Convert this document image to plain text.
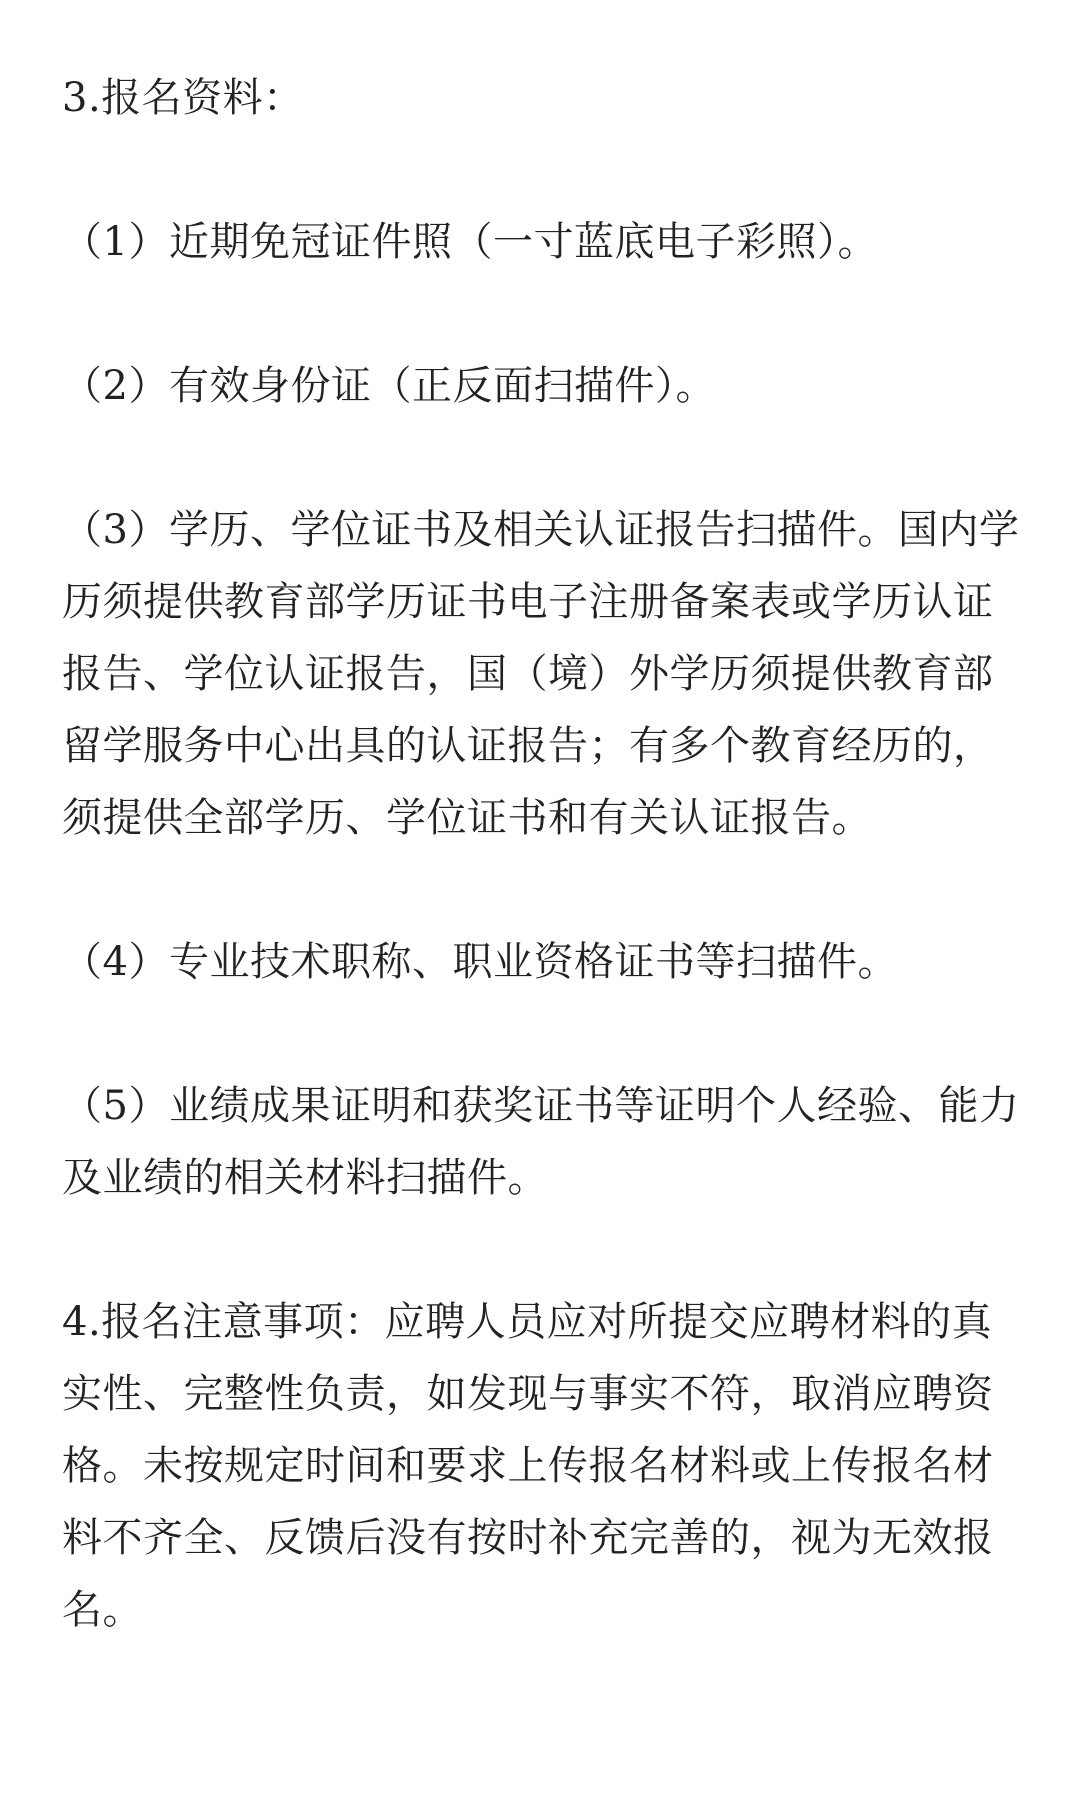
3.报名资料：

（1）近期免冠证件照（一寸蓝底电子彩照）。

（2）有效身份证（正反面扫描件）。

（3）学历、学位证书及相关认证报告扫描件。国内学历须提供教育部学历证书电子注册备案表或学历认证报告、学位认证报告，国（境）外学历须提供教育部留学服务中心出具的认证报告；有多个教育经历的，须提供全部学历、学位证书和有关认证报告。

（4）专业技术职称、职业资格证书等扫描件。

（5）业绩成果证明和获奖证书等证明个人经验、能力及业绩的相关材料扫描件。

4.报名注意事项：应聘人员应对所提交应聘材料的真实性、完整性负责，如发现与事实不符，取消应聘资格。未按规定时间和要求上传报名材料或上传报名材料不齐全、反馈后没有按时补充完善的，视为无效报名。
